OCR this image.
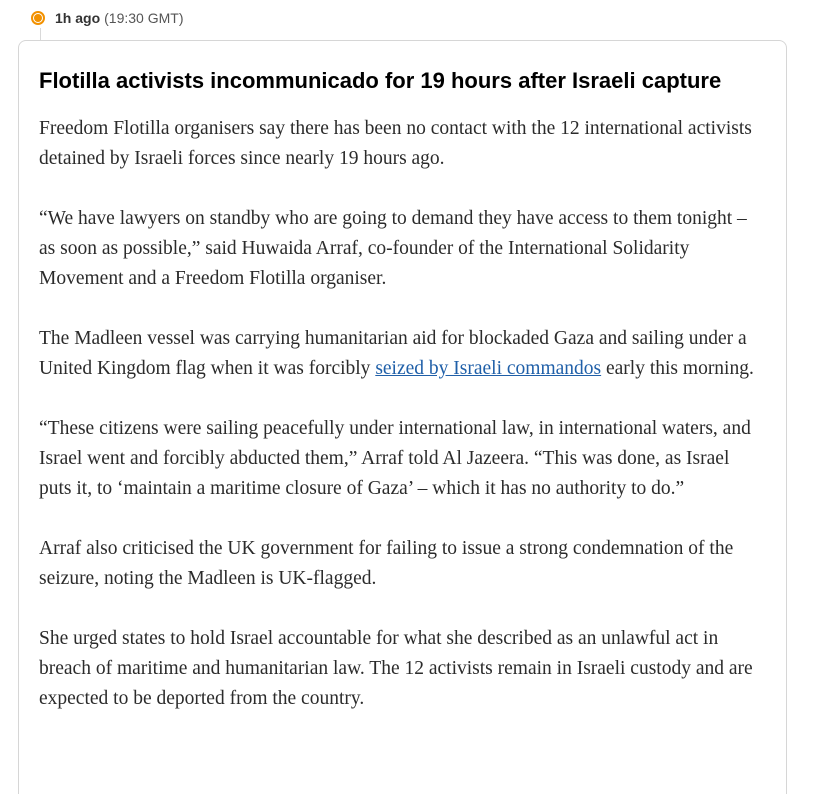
1h ago (19:30 GMT)
Flotilla activists incommunicado for 19 hours after Israeli capture

Freedom Flotilla organisers say there has been no contact with the 12 international activists detained by Israeli forces since nearly 19 hours ago.

“We have lawyers on standby who are going to demand they have access to them tonight – as soon as possible,” said Huwaida Arraf, co-founder of the International Solidarity Movement and a Freedom Flotilla organiser.

The Madleen vessel was carrying humanitarian aid for blockaded Gaza and sailing under a United Kingdom flag when it was forcibly seized by Israeli commandos early this morning.

“These citizens were sailing peacefully under international law, in international waters, and Israel went and forcibly abducted them,” Arraf told Al Jazeera. “This was done, as Israel puts it, to ‘maintain a maritime closure of Gaza’ – which it has no authority to do.”

Arraf also criticised the UK government for failing to issue a strong condemnation of the seizure, noting the Madleen is UK-flagged.

She urged states to hold Israel accountable for what she described as an unlawful act in breach of maritime and humanitarian law. The 12 activists remain in Israeli custody and are expected to be deported from the country.
